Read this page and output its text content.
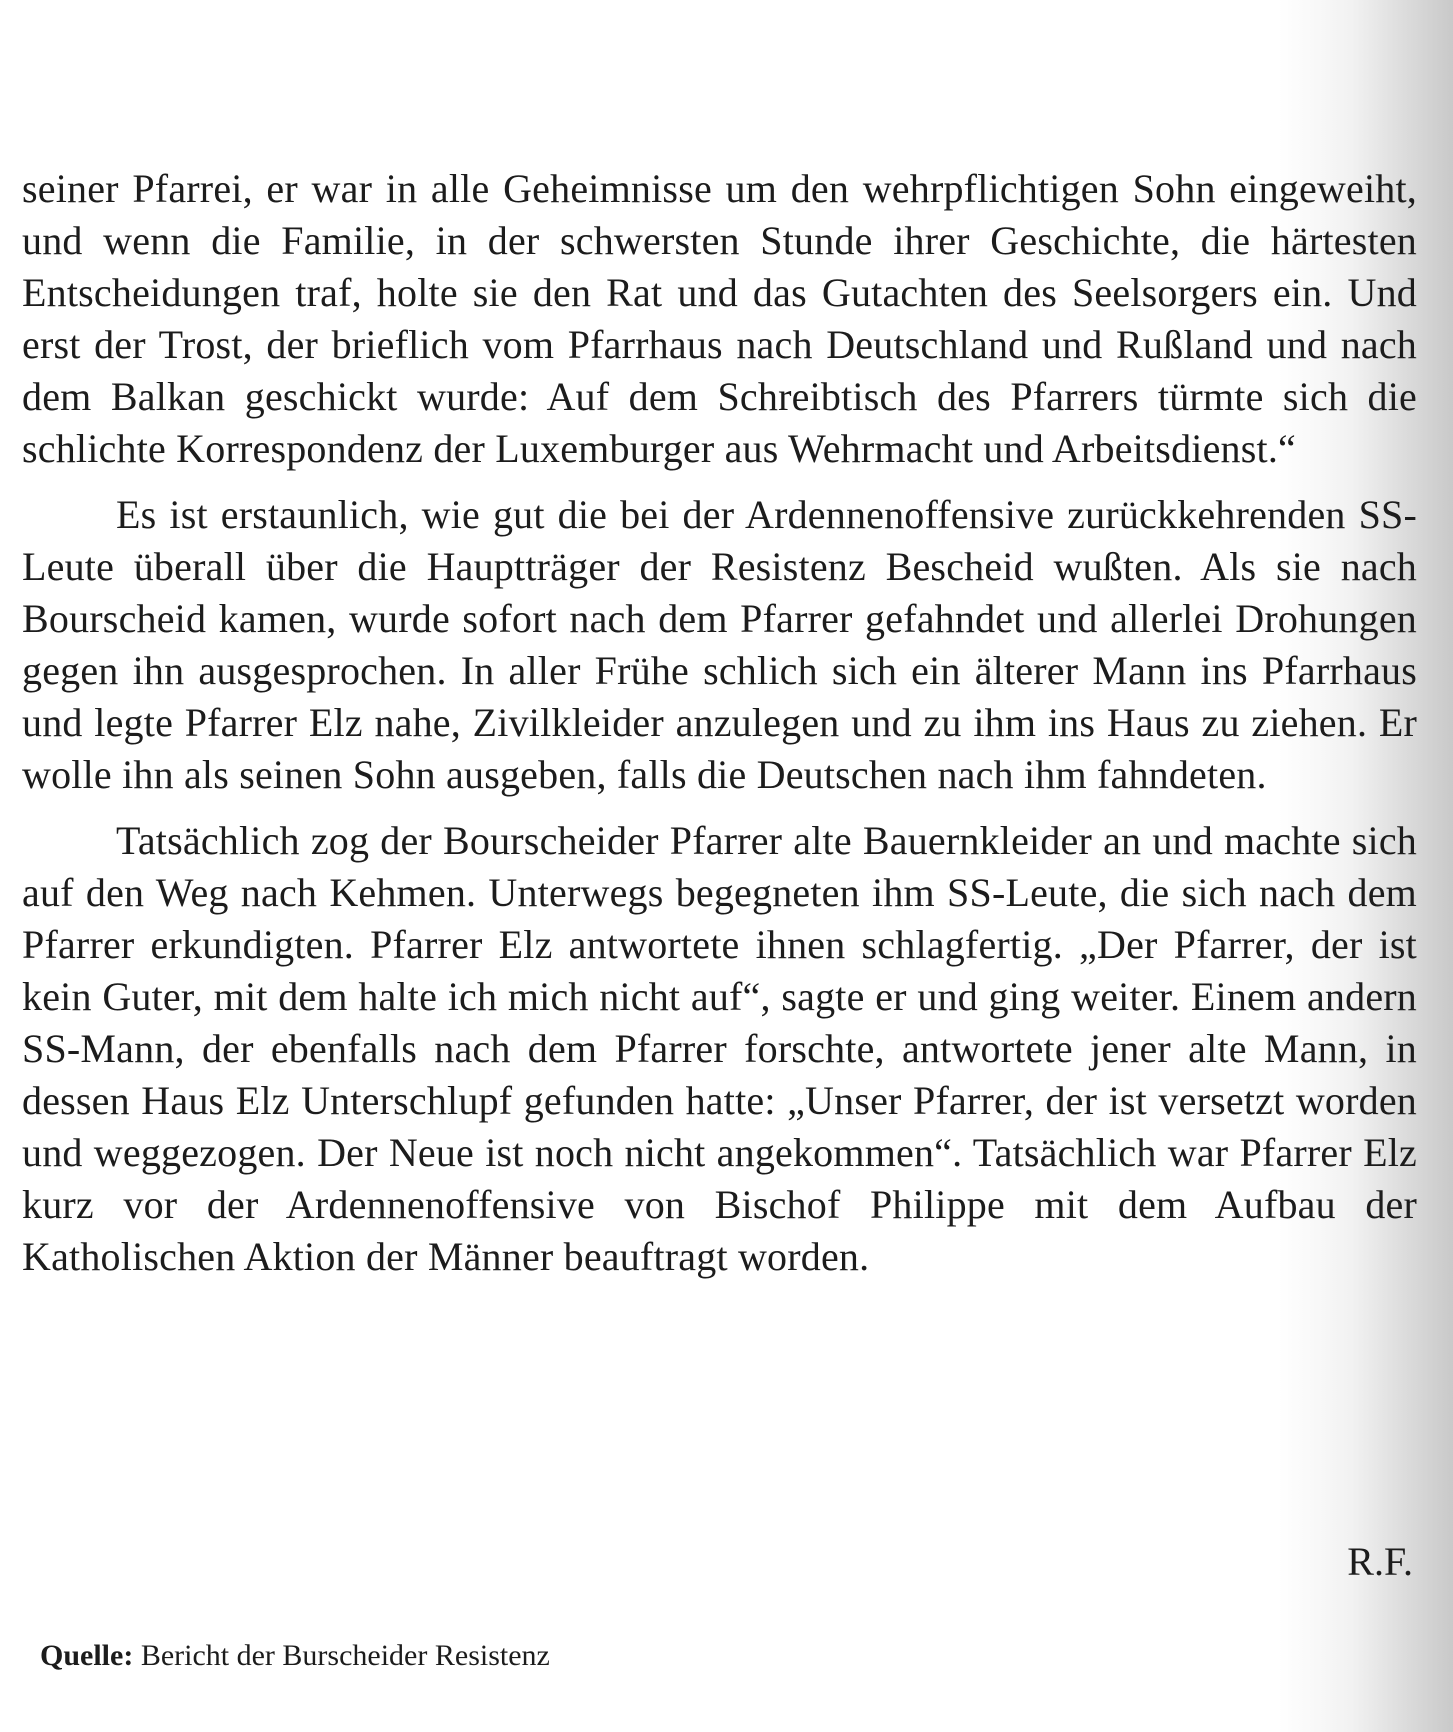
seiner Pfarrei, er war in alle Geheimnisse um den wehrpflichtigen Sohn eingeweiht, und wenn die Familie, in der schwersten Stunde ihrer Geschichte, die härtesten Entscheidungen traf, holte sie den Rat und das Gutachten des Seelsorgers ein. Und erst der Trost, der brieflich vom Pfarrhaus nach Deutschland und Rußland und nach dem Balkan geschickt wurde: Auf dem Schreibtisch des Pfarrers türmte sich die schlichte Korrespondenz der Luxemburger aus Wehrmacht und Arbeitsdienst.“

Es ist erstaunlich, wie gut die bei der Ardennenoffensive zurückkehrenden SS-Leute überall über die Hauptträger der Resistenz Bescheid wußten. Als sie nach Bourscheid kamen, wurde sofort nach dem Pfarrer gefahndet und allerlei Drohungen gegen ihn ausgesprochen. In aller Frühe schlich sich ein älterer Mann ins Pfarrhaus und legte Pfarrer Elz nahe, Zivilkleider anzulegen und zu ihm ins Haus zu ziehen. Er wolle ihn als seinen Sohn ausgeben, falls die Deutschen nach ihm fahndeten.

Tatsächlich zog der Bourscheider Pfarrer alte Bauernkleider an und machte sich auf den Weg nach Kehmen. Unterwegs begegneten ihm SS-Leute, die sich nach dem Pfarrer erkundigten. Pfarrer Elz antwortete ihnen schlagfertig. „Der Pfarrer, der ist kein Guter, mit dem halte ich mich nicht auf“, sagte er und ging weiter. Einem andern SS-Mann, der ebenfalls nach dem Pfarrer forschte, antwortete jener alte Mann, in dessen Haus Elz Unterschlupf gefunden hatte: „Unser Pfarrer, der ist versetzt worden und weggezogen. Der Neue ist noch nicht angekommen“. Tatsächlich war Pfarrer Elz kurz vor der Ardennenoffensive von Bischof Philippe mit dem Aufbau der Katholischen Aktion der Männer beauftragt worden.

R.F.
Quelle: Bericht der Burscheider Resistenz
